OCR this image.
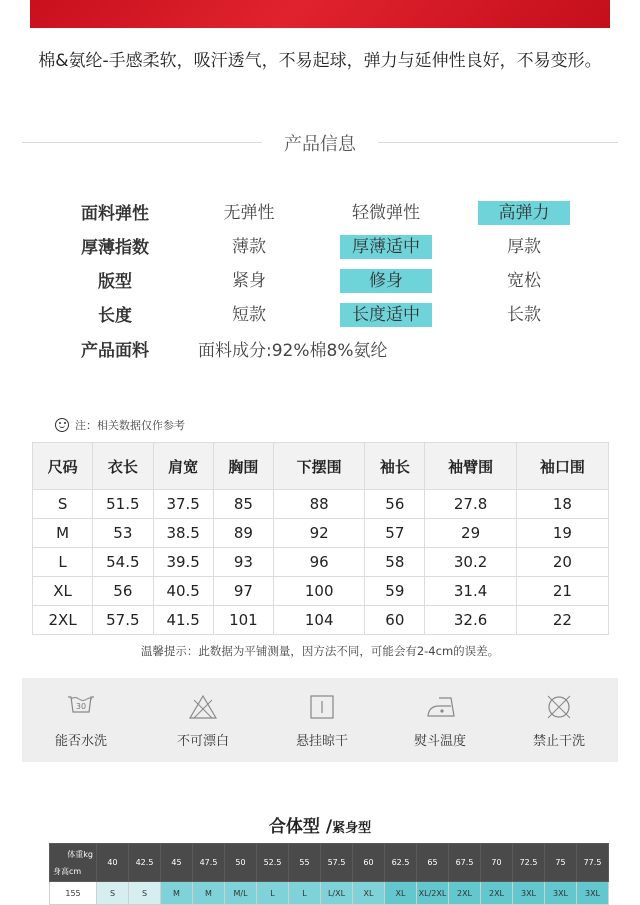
棉&氨纶-手感柔软，吸汗透气，不易起球，弹力与延伸性良好，不易变形。
产品信息
面料弹性	无弹性	轻微弹性	高弹力
厚薄指数	薄款	厚薄适中	厚款
版型	紧身	修身	宽松
长度	短款	长度适中	长款
产品面料	面料成分:92%棉8%氨纶
注：相关数据仅作参考
尺码	衣长	肩宽	胸围	下摆围	袖长	袖臂围	袖口围
S	51.5	37.5	85	88	56	27.8	18
M	53	38.5	89	92	57	29	19
L	54.5	39.5	93	96	58	30.2	20
XL	56	40.5	97	100	59	31.4	21
2XL	57.5	41.5	101	104	60	32.6	22
温馨提示：此数据为平铺测量，因方法不同，可能会有2-4cm的误差。
30
能否水洗	不可漂白	悬挂晾干	熨斗温度	禁止干洗
合体型 /紧身型
体重kg
身高cm	40	42.5	45	47.5	50	52.5	55	57.5	60	62.5	65	67.5	70	72.5	75	77.5
155	S	S	M	M	M/L	L	L	L/XL	XL	XL	XL/2XL	2XL	2XL	3XL	3XL	3XL
